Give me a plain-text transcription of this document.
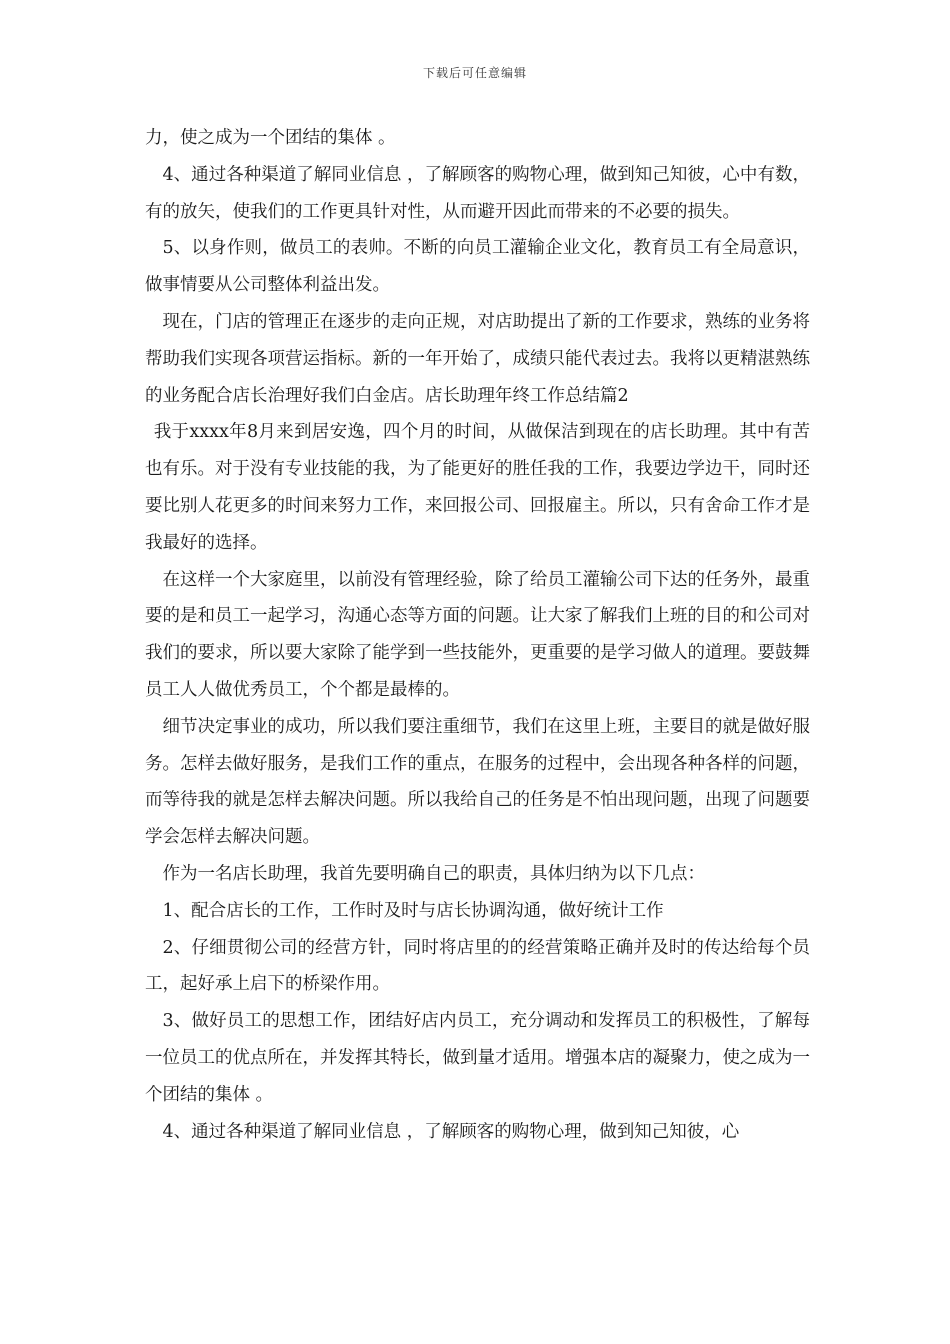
下载后可任意编辑

力，使之成为一个团结的集体 。

4、通过各种渠道了解同业信息 ，了解顾客的购物心理，做到知己知彼，心中有数，有的放矢，使我们的工作更具针对性，从而避开因此而带来的不必要的损失。

5、以身作则，做员工的表帅。不断的向员工灌输企业文化，教育员工有全局意识，做事情要从公司整体利益出发。

现在，门店的管理正在逐步的走向正规，对店助提出了新的工作要求，熟练的业务将帮助我们实现各项营运指标。新的一年开始了，成绩只能代表过去。我将以更精湛熟练的业务配合店长治理好我们白金店。店长助理年终工作总结篇2

我于xxxx年8月来到居安逸，四个月的时间，从做保洁到现在的店长助理。其中有苦也有乐。对于没有专业技能的我，为了能更好的胜任我的工作，我要边学边干，同时还要比别人花更多的时间来努力工作，来回报公司、回报雇主。所以，只有舍命工作才是我最好的选择。

在这样一个大家庭里，以前没有管理经验，除了给员工灌输公司下达的任务外，最重要的是和员工一起学习，沟通心态等方面的问题。让大家了解我们上班的目的和公司对我们的要求，所以要大家除了能学到一些技能外，更重要的是学习做人的道理。要鼓舞员工人人做优秀员工，个个都是最棒的。

细节决定事业的成功，所以我们要注重细节，我们在这里上班，主要目的就是做好服务。怎样去做好服务，是我们工作的重点，在服务的过程中，会出现各种各样的问题，而等待我的就是怎样去解决问题。所以我给自己的任务是不怕出现问题，出现了问题要学会怎样去解决问题。

作为一名店长助理，我首先要明确自己的职责，具体归纳为以下几点：

1、配合店长的工作，工作时及时与店长协调沟通，做好统计工作

2、仔细贯彻公司的经营方针，同时将店里的的经营策略正确并及时的传达给每个员工，起好承上启下的桥梁作用。

3、做好员工的思想工作，团结好店内员工，充分调动和发挥员工的积极性，了解每一位员工的优点所在，并发挥其特长，做到量才适用。增强本店的凝聚力，使之成为一个团结的集体 。

4、通过各种渠道了解同业信息 ，了解顾客的购物心理，做到知己知彼，心
